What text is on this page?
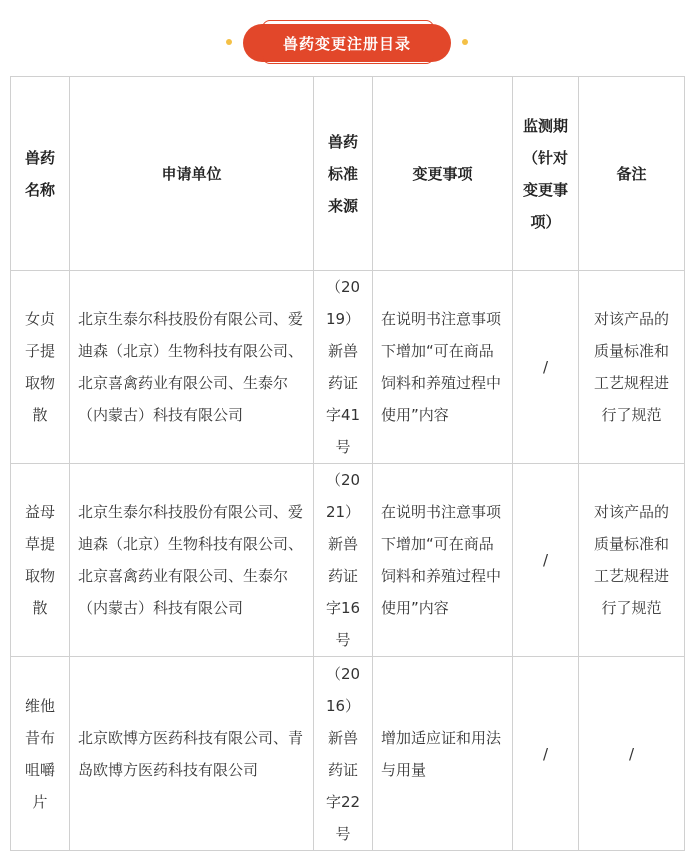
兽药变更注册目录
兽药名称	申请单位	兽药标准来源	变更事项	监测期（针对变更事项）	备注
女贞子提取物散	北京生泰尔科技股份有限公司、爱迪森（北京）生物科技有限公司、北京喜禽药业有限公司、生泰尔（内蒙古）科技有限公司	（2019）新兽药证字41号	在说明书注意事项下增加“可在商品饲料和养殖过程中使用”内容	/	对该产品的质量标准和工艺规程进行了规范
益母草提取物散	北京生泰尔科技股份有限公司、爱迪森（北京）生物科技有限公司、北京喜禽药业有限公司、生泰尔（内蒙古）科技有限公司	（2021）新兽药证字16号	在说明书注意事项下增加“可在商品饲料和养殖过程中使用”内容	/	对该产品的质量标准和工艺规程进行了规范
维他昔布咀嚼片	北京欧博方医药科技有限公司、青岛欧博方医药科技有限公司	（2016）新兽药证字22号	增加适应证和用法与用量	/	/
